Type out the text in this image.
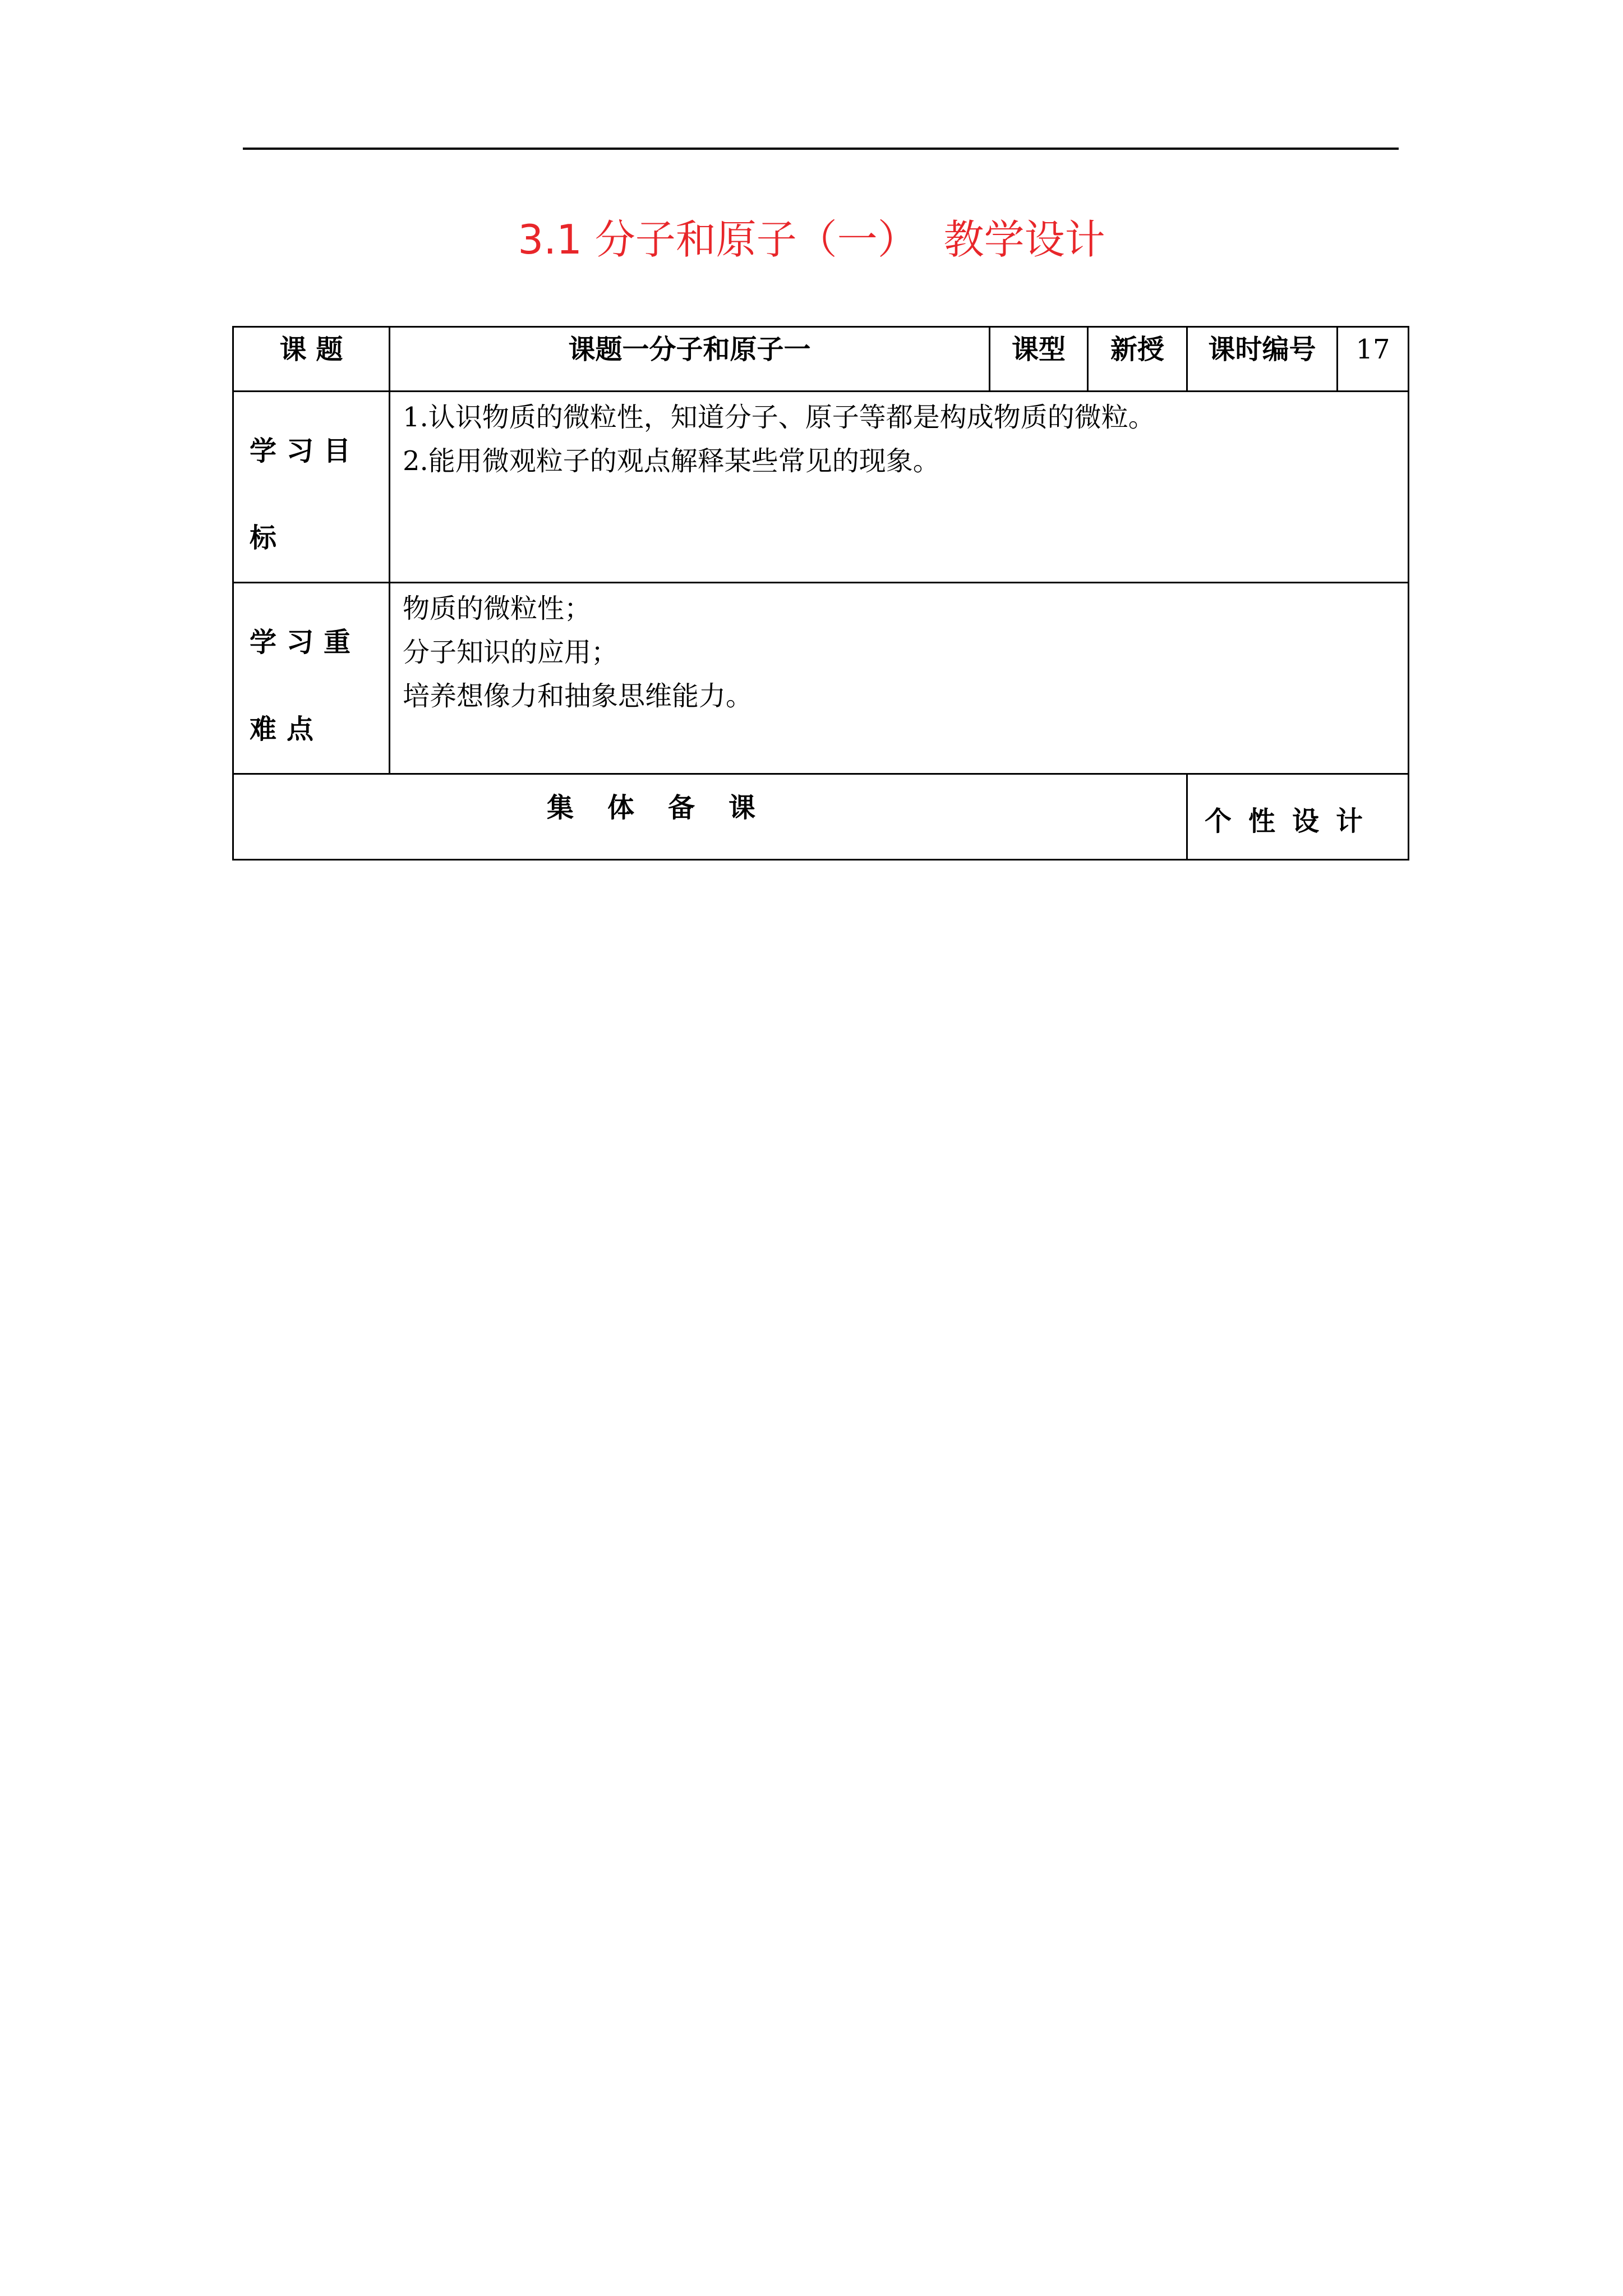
3.1 分子和原子（一）  教学设计
课 题	课题一分子和原子一	课型	新授	课时编号	17

学习目标	1.认识物质的微粒性，知道分子、原子等都是构成物质的微粒。
2.能用微观粒子的观点解释某些常见的现象。				

学习重难点	物质的微粒性；
分子知识的应用；
培养想像力和抽象思维能力。				

集体备课				个性设计	
